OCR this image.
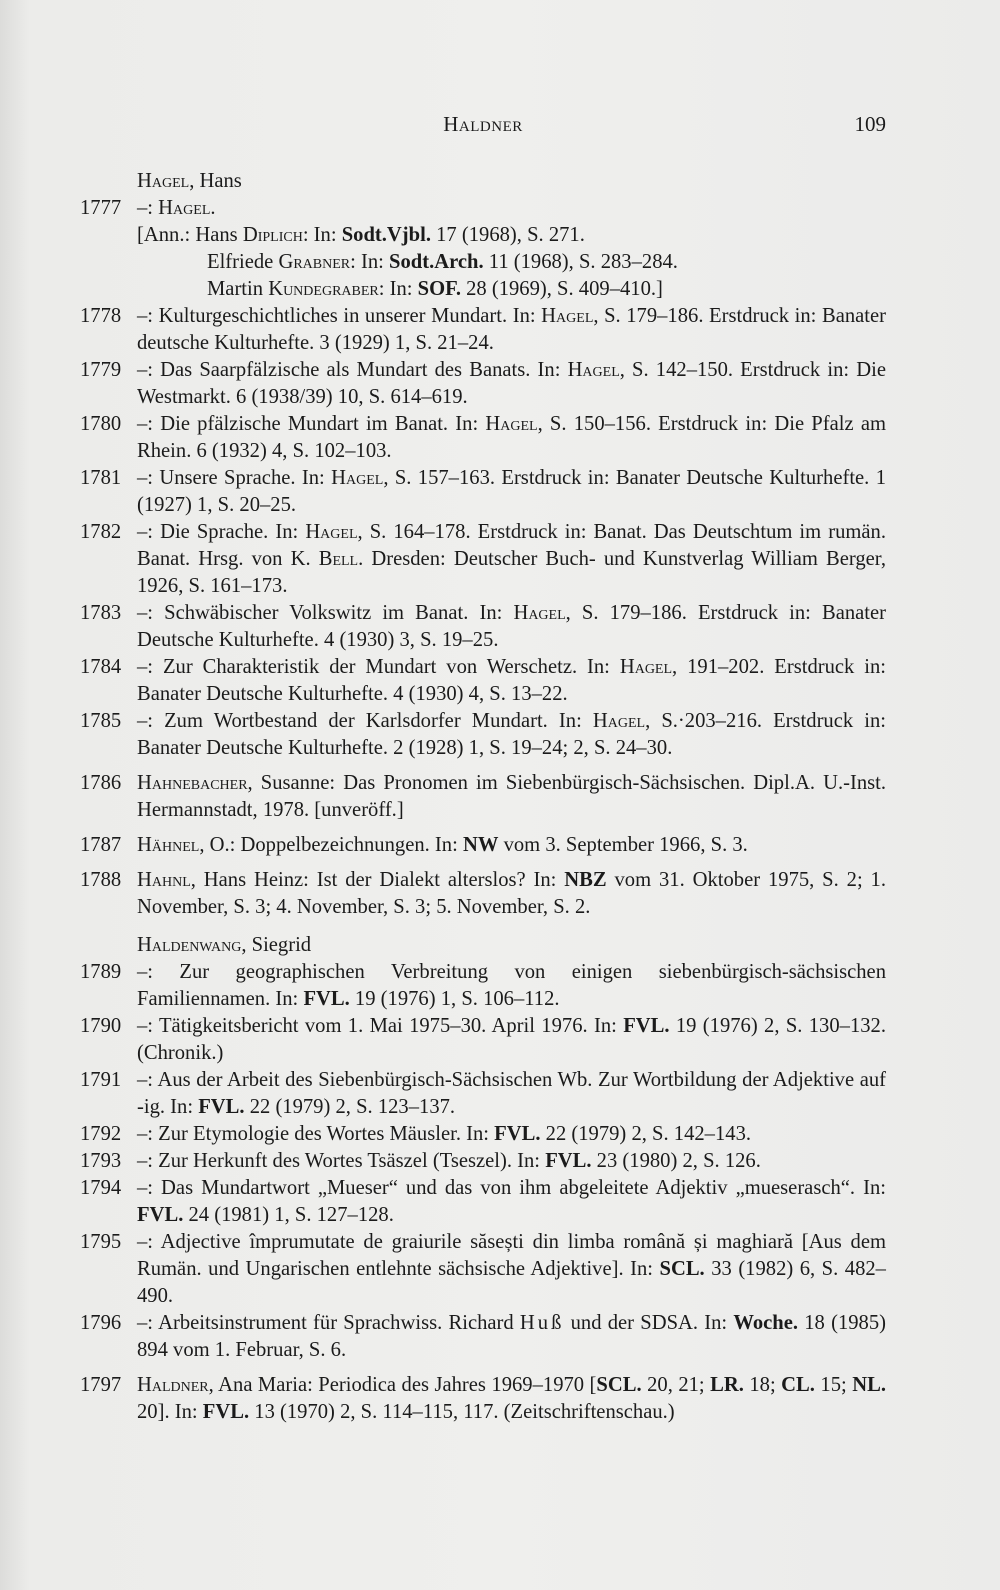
Haldner	109
Hagel, Hans
1777 –: Hagel.
[Ann.: Hans Diplich: In: Sodt.Vjbl. 17 (1968), S. 271.
Elfriede Grabner: In: Sodt.Arch. 11 (1968), S. 283–284.
Martin Kundegraber: In: SOF. 28 (1969), S. 409–410.]
1778 –: Kulturgeschichtliches in unserer Mundart. In: Hagel, S. 179–186. Erstdruck in: Banater deutsche Kulturhefte. 3 (1929) 1, S. 21–24.
1779 –: Das Saarpfälzische als Mundart des Banats. In: Hagel, S. 142–150. Erstdruck in: Die Westmarkt. 6 (1938/39) 10, S. 614–619.
1780 –: Die pfälzische Mundart im Banat. In: Hagel, S. 150–156. Erstdruck in: Die Pfalz am Rhein. 6 (1932) 4, S. 102–103.
1781 –: Unsere Sprache. In: Hagel, S. 157–163. Erstdruck in: Banater Deutsche Kulturhefte. 1 (1927) 1, S. 20–25.
1782 –: Die Sprache. In: Hagel, S. 164–178. Erstdruck in: Banat. Das Deutschtum im rumän. Banat. Hrsg. von K. Bell. Dresden: Deutscher Buch- und Kunstverlag William Berger, 1926, S. 161–173.
1783 –: Schwäbischer Volkswitz im Banat. In: Hagel, S. 179–186. Erstdruck in: Banater Deutsche Kulturhefte. 4 (1930) 3, S. 19–25.
1784 –: Zur Charakteristik der Mundart von Werschetz. In: Hagel, 191–202. Erstdruck in: Banater Deutsche Kulturhefte. 4 (1930) 4, S. 13–22.
1785 –: Zum Wortbestand der Karlsdorfer Mundart. In: Hagel, S.·203–216. Erstdruck in: Banater Deutsche Kulturhefte. 2 (1928) 1, S. 19–24; 2, S. 24–30.
1786 Hahnebacher, Susanne: Das Pronomen im Siebenbürgisch-Sächsischen. Dipl.A. U.-Inst. Hermannstadt, 1978. [unveröff.]
1787 Hähnel, O.: Doppelbezeichnungen. In: NW vom 3. September 1966, S. 3.
1788 Hahnl, Hans Heinz: Ist der Dialekt alterslos? In: NBZ vom 31. Oktober 1975, S. 2; 1. November, S. 3; 4. November, S. 3; 5. November, S. 2.
Haldenwang, Siegrid
1789 –: Zur geographischen Verbreitung von einigen siebenbürgisch-sächsischen Familiennamen. In: FVL. 19 (1976) 1, S. 106–112.
1790 –: Tätigkeitsbericht vom 1. Mai 1975–30. April 1976. In: FVL. 19 (1976) 2, S. 130–132. (Chronik.)
1791 –: Aus der Arbeit des Siebenbürgisch-Sächsischen Wb. Zur Wortbildung der Adjektive auf -ig. In: FVL. 22 (1979) 2, S. 123–137.
1792 –: Zur Etymologie des Wortes Mäusler. In: FVL. 22 (1979) 2, S. 142–143.
1793 –: Zur Herkunft des Wortes Tsäszel (Tseszel). In: FVL. 23 (1980) 2, S. 126.
1794 –: Das Mundartwort „Mueser“ und das von ihm abgeleitete Adjektiv „mueserasch“. In: FVL. 24 (1981) 1, S. 127–128.
1795 –: Adjective împrumutate de graiurile săsești din limba română și maghiară [Aus dem Rumän. und Ungarischen entlehnte sächsische Adjektive]. In: SCL. 33 (1982) 6, S. 482–490.
1796 –: Arbeitsinstrument für Sprachwiss. Richard Huß und der SDSA. In: Woche. 18 (1985) 894 vom 1. Februar, S. 6.
1797 Haldner, Ana Maria: Periodica des Jahres 1969–1970 [SCL. 20, 21; LR. 18; CL. 15; NL. 20]. In: FVL. 13 (1970) 2, S. 114–115, 117. (Zeitschriftenschau.)
